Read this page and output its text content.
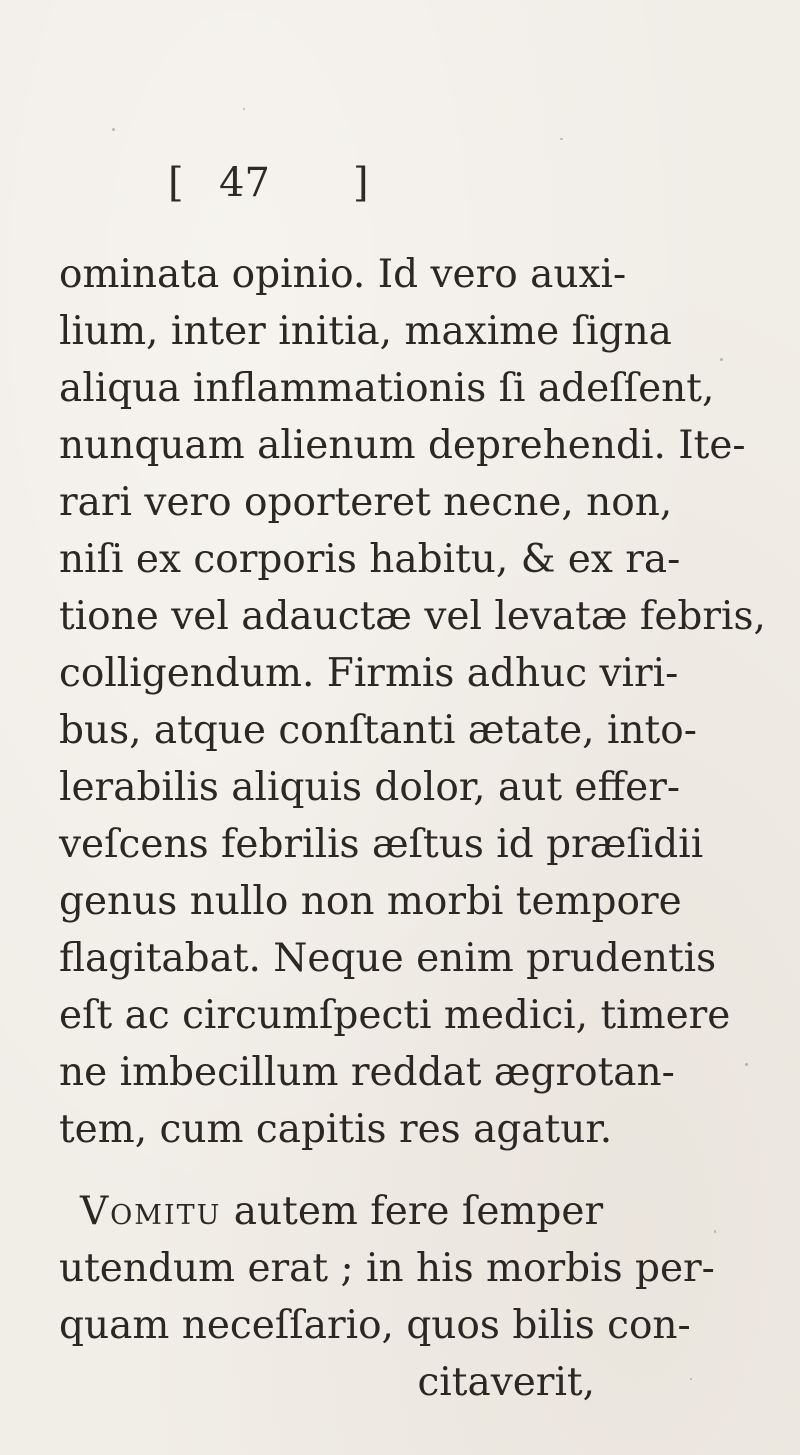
[ 47 ]
ominata opinio. Id vero auxi-
lium, inter initia, maxime ſigna
aliqua inflammationis ſi adeſſent,
nunquam alienum deprehendi. Ite-
rari vero oporteret necne, non,
niſi ex corporis habitu, & ex ra-
tione vel adauctæ vel levatæ febris,
colligendum. Firmis adhuc viri-
bus, atque conſtanti ætate, into-
lerabilis aliquis dolor, aut effer-
veſcens febrilis æſtus id præſidii
genus nullo non morbi tempore
flagitabat. Neque enim prudentis
eſt ac circumſpecti medici, timere
ne imbecillum reddat ægrotan-
tem, cum capitis res agatur.
Vomitu autem fere ſemper
utendum erat ; in his morbis per-
quam neceſſario, quos bilis con-
citaverit,
